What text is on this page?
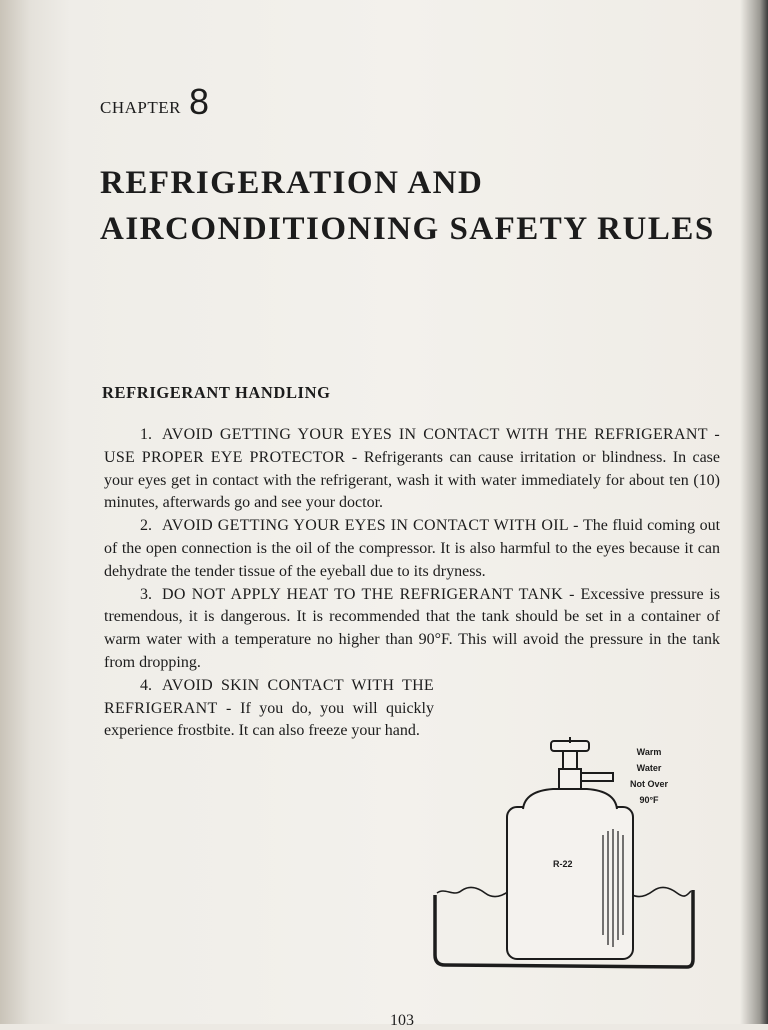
CHAPTER 8
REFRIGERATION AND AIRCONDITIONING SAFETY RULES
REFRIGERANT HANDLING

1. AVOID GETTING YOUR EYES IN CONTACT WITH THE REFRIGERANT - USE PROPER EYE PROTECTOR - Refrigerants can cause irritation or blindness. In case your eyes get in contact with the refrigerant, wash it with water immediately for about ten (10) minutes, afterwards go and see your doctor.

2. AVOID GETTING YOUR EYES IN CONTACT WITH OIL - The fluid coming out of the open connection is the oil of the compressor. It is also harmful to the eyes because it can dehydrate the tender tissue of the eyeball due to its dryness.

3. DO NOT APPLY HEAT TO THE REFRIGERANT TANK - Excessive pressure is tremendous, it is dangerous. It is recommended that the tank should be set in a container of warm water with a temperature no higher than 90°F. This will avoid the pressure in the tank from dropping.

4. AVOID SKIN CONTACT WITH THE REFRIGERANT - If you do, you will quickly experience frostbite. It can also freeze your hand.

R-22
Warm
Water
Not Over
90°F
103
